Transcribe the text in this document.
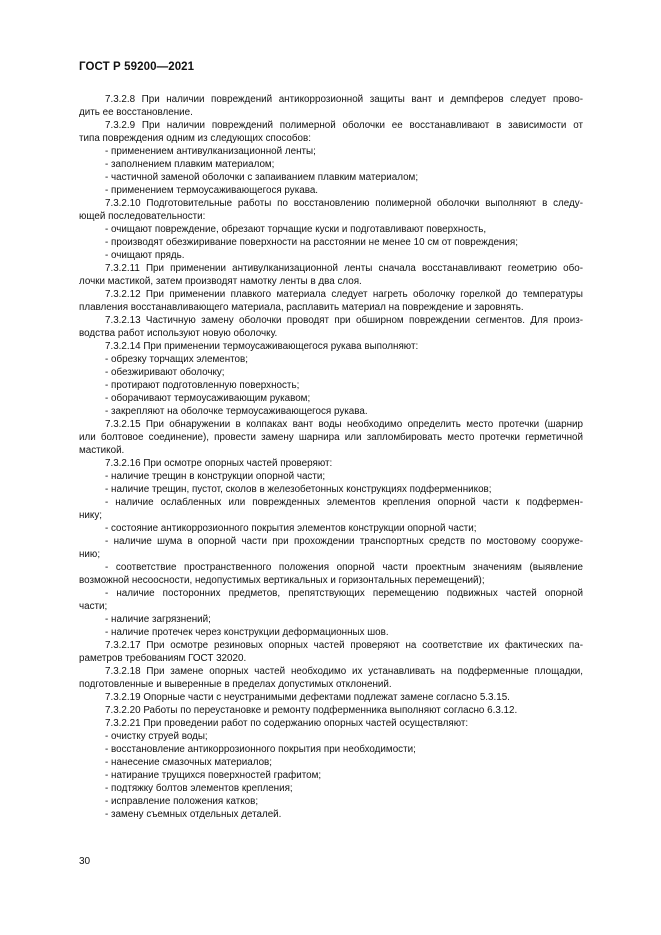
ГОСТ Р 59200—2021

7.3.2.8 При наличии повреждений антикоррозионной защиты вант и демпферов следует прово-

дить ее восстановление.

7.3.2.9 При наличии повреждений полимерной оболочки ее восстанавливают в зависимости от

типа повреждения одним из следующих способов:

- применением антивулканизационной ленты;

- заполнением плавким материалом;

- частичной заменой оболочки с запаиванием плавким материалом;

- применением термоусаживающегося рукава.

7.3.2.10 Подготовительные работы по восстановлению полимерной оболочки выполняют в следу-

ющей последовательности:

- очищают повреждение, обрезают торчащие куски и подготавливают поверхность,

- производят обезжиривание поверхности на расстоянии не менее 10 см от повреждения;

- очищают прядь.

7.3.2.11 При применении антивулканизационной ленты сначала восстанавливают геометрию обо-

лочки мастикой, затем производят намотку ленты в два слоя.

7.3.2.12 При применении плавкого материала следует нагреть оболочку горелкой до температуры

плавления восстанавливающего материала, расплавить материал на повреждение и заровнять.

7.3.2.13 Частичную замену оболочки проводят при обширном повреждении сегментов. Для произ-

водства работ используют новую оболочку.

7.3.2.14 При применении термоусаживающегося рукава выполняют:

- обрезку торчащих элементов;

- обезжиривают оболочку;

- протирают подготовленную поверхность;

- оборачивают термоусаживающим рукавом;

- закрепляют на оболочке термоусаживающегося рукава.

7.3.2.15 При обнаружении в колпаках вант воды необходимо определить место протечки (шарнир

или болтовое соединение), провести замену шарнира или запломбировать место протечки герметичной

мастикой.

7.3.2.16 При осмотре опорных частей проверяют:

- наличие трещин в конструкции опорной части;

- наличие трещин, пустот, сколов в железобетонных конструкциях подферменников;

- наличие ослабленных или поврежденных элементов крепления опорной части к подфермен-

нику;

- состояние антикоррозионного покрытия элементов конструкции опорной части;

- наличие шума в опорной части при прохождении транспортных средств по мостовому сооруже-

нию;

- соответствие пространственного положения опорной части проектным значениям (выявление

возможной несоосности, недопустимых вертикальных и горизонтальных перемещений);

- наличие посторонних предметов, препятствующих перемещению подвижных частей опорной

части;

- наличие загрязнений;

- наличие протечек через конструкции деформационных шов.

7.3.2.17 При осмотре резиновых опорных частей проверяют на соответствие их фактических па-

раметров требованиям ГОСТ 32020.

7.3.2.18 При замене опорных частей необходимо их устанавливать на подферменные площадки,

подготовленные и выверенные в пределах допустимых отклонений.

7.3.2.19 Опорные части с неустранимыми дефектами подлежат замене согласно 5.3.15.

7.3.2.20 Работы по переустановке и ремонту подферменника выполняют согласно 6.3.12.

7.3.2.21 При проведении работ по содержанию опорных частей осуществляют:

- очистку струей воды;

- восстановление антикоррозионного покрытия при необходимости;

- нанесение смазочных материалов;

- натирание трущихся поверхностей графитом;

- подтяжку болтов элементов крепления;

- исправление положения катков;

- замену съемных отдельных деталей.

30
